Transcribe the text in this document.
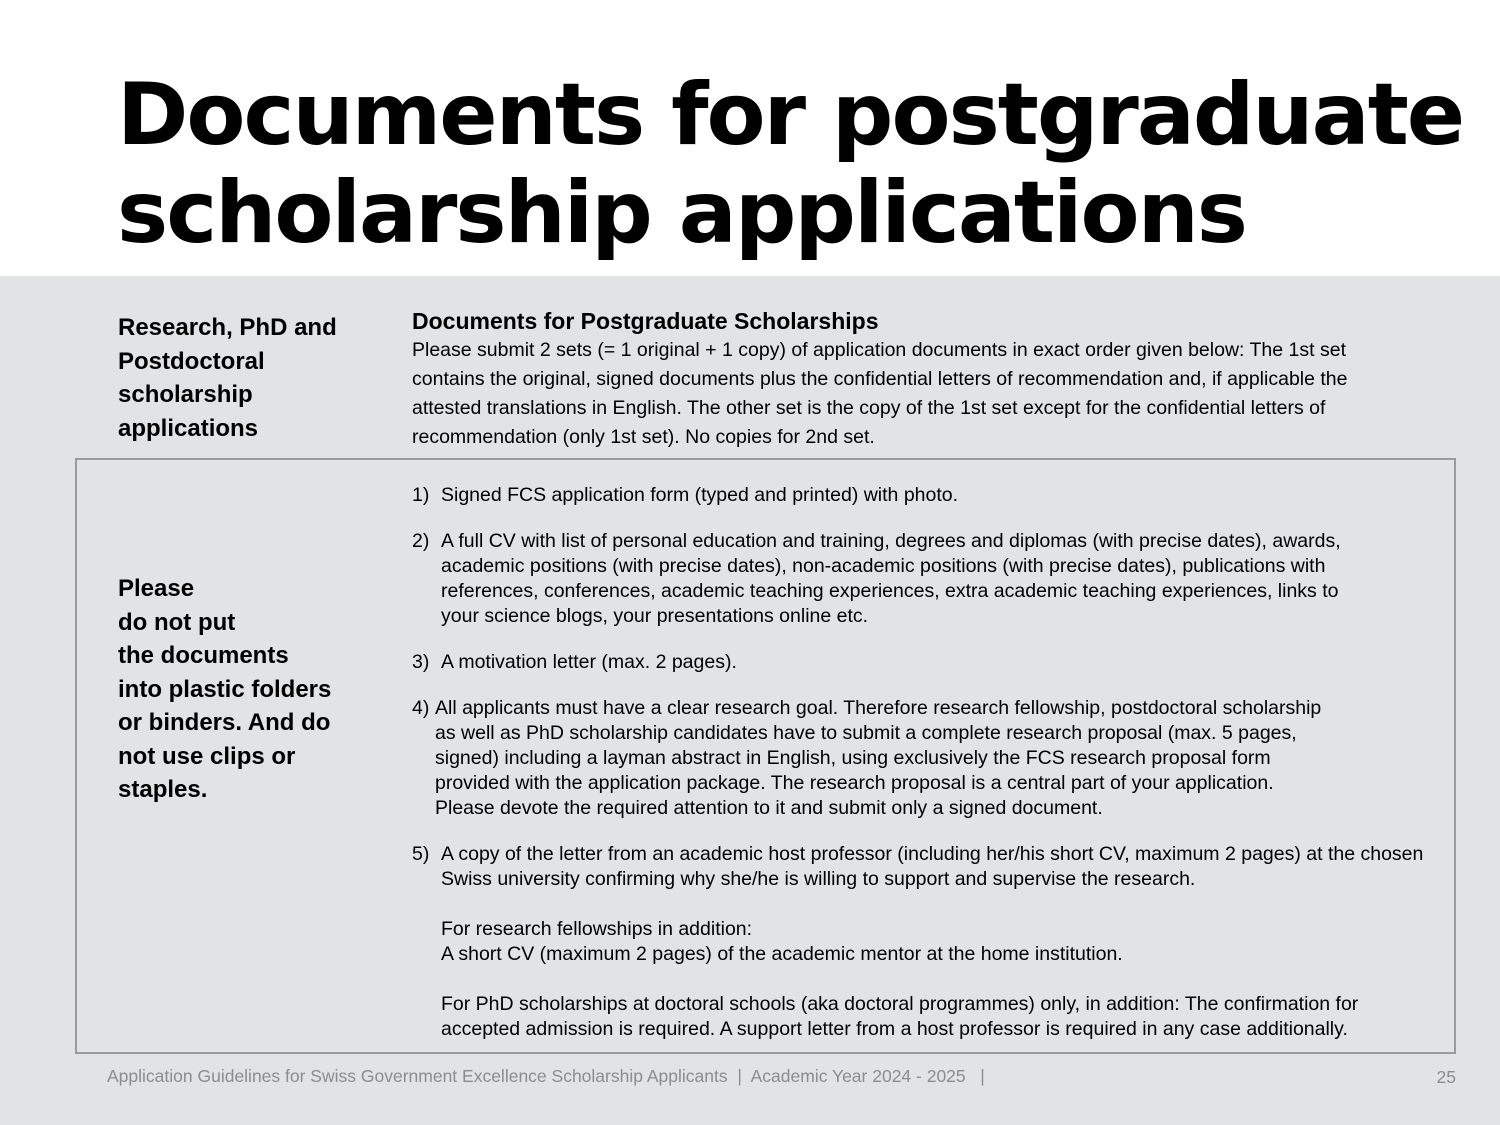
Documents for postgraduate
scholarship applications
Research, PhD and
Postdoctoral
scholarship
applications
Documents for Postgraduate Scholarships

Please submit 2 sets (= 1 original + 1 copy) of application documents in exact order given below: The 1st set contains the original, signed documents plus the confidential letters of recommendation and, if applicable the attested translations in English. The other set is the copy of the 1st set except for the confidential letters of recommendation (only 1st set). No copies for 2nd set.

Please
do not put
the documents
into plastic folders
or binders. And do
not use clips or
staples.
1) Signed FCS application form (typed and printed) with photo.

2) A full CV with list of personal education and training, degrees and diplomas (with precise dates), awards, academic positions (with precise dates), non-academic positions (with precise dates), publications with references, conferences, academic teaching experiences, extra academic teaching experiences, links to your science blogs, your presentations online etc.

3) A motivation letter (max. 2 pages).

4) All applicants must have a clear research goal. Therefore research fellowship, postdoctoral scholarship as well as PhD scholarship candidates have to submit a complete research proposal (max. 5 pages, signed) including a layman abstract in English, using exclusively the FCS research proposal form provided with the application package. The research proposal is a central part of your application. Please devote the required attention to it and submit only a signed document.

5) A copy of the letter from an academic host professor (including her/his short CV, maximum 2 pages) at the chosen Swiss university confirming why she/he is willing to support and supervise the research.

For research fellowships in addition:

A short CV (maximum 2 pages) of the academic mentor at the home institution.

For PhD scholarships at doctoral schools (aka doctoral programmes) only, in addition: The confirmation for accepted admission is required. A support letter from a host professor is required in any case additionally.

Application Guidelines for Swiss Government Excellence Scholarship Applicants  |  Academic Year 2024 - 2025   |	25
